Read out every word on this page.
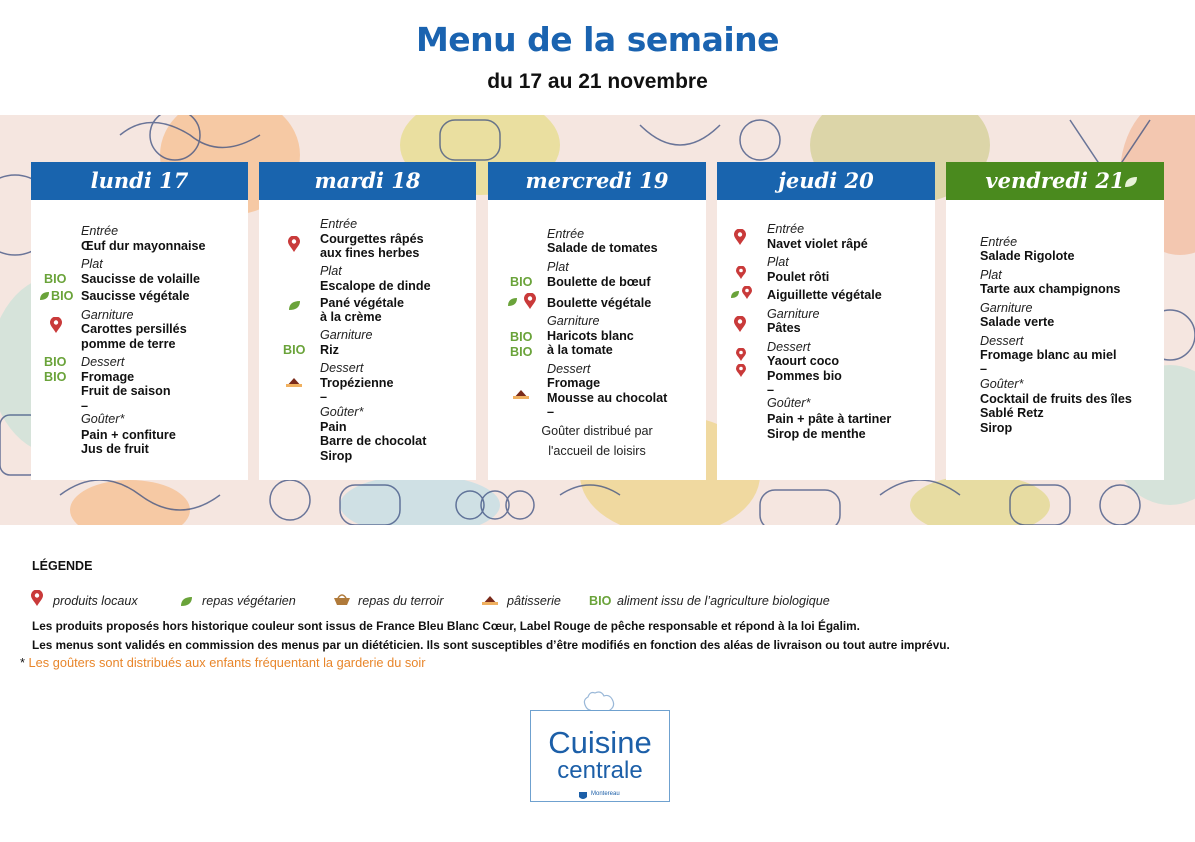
Menu de la semaine
du 17 au 21 novembre
lundi 17
Entrée
Œuf dur mayonnaise
Plat
BIO Saucisse de volaille
BIO Saucisse végétale
Garniture
Carottes persillés
pomme de terre
BIO Dessert
BIO Fromage
Fruit de saison
–
Goûter*
Pain + confiture
Jus de fruit
mardi 18
Entrée
Courgettes râpés
aux fines herbes
Plat
Escalope de dinde
Pané végétale
à la crème
Garniture
BIO Riz
Dessert
Tropézienne
–
Goûter*
Pain
Barre de chocolat
Sirop
mercredi 19
Entrée
Salade de tomates
Plat
BIO Boulette de bœuf
Boulette végétale
BIO
Garniture
BIO
Haricots blanc
à la tomate
Dessert
Fromage
Mousse au chocolat
–
Goûter distribué par
l'accueil de loisirs
jeudi 20
Entrée
Navet violet râpé
Plat
Poulet rôti
Aiguillette végétale
Garniture
Pâtes
Dessert
Yaourt coco
Pommes bio
–
Goûter*
Pain + pâte à tartiner
Sirop de menthe
vendredi 21
Entrée
Salade Rigolote
Plat
Tarte aux champignons
Garniture
Salade verte
Dessert
Fromage blanc au miel
–
Goûter*
Cocktail de fruits des îles
Sablé Retz
Sirop
LÉGENDE
produits locaux	repas végétarien	repas du terroir	pâtisserie BIO aliment issu de l’agriculture biologique
Les produits proposés hors historique couleur sont issus de France Bleu Blanc Cœur, Label Rouge de pêche responsable et répond à la loi Égalim.
Les menus sont validés en commission des menus par un diététicien. Ils sont susceptibles d’être modifiés en fonction des aléas de livraison ou tout autre imprévu.
* Les goûters sont distribués aux enfants fréquentant la garderie du soir
Cuisine
centrale
Montereau
